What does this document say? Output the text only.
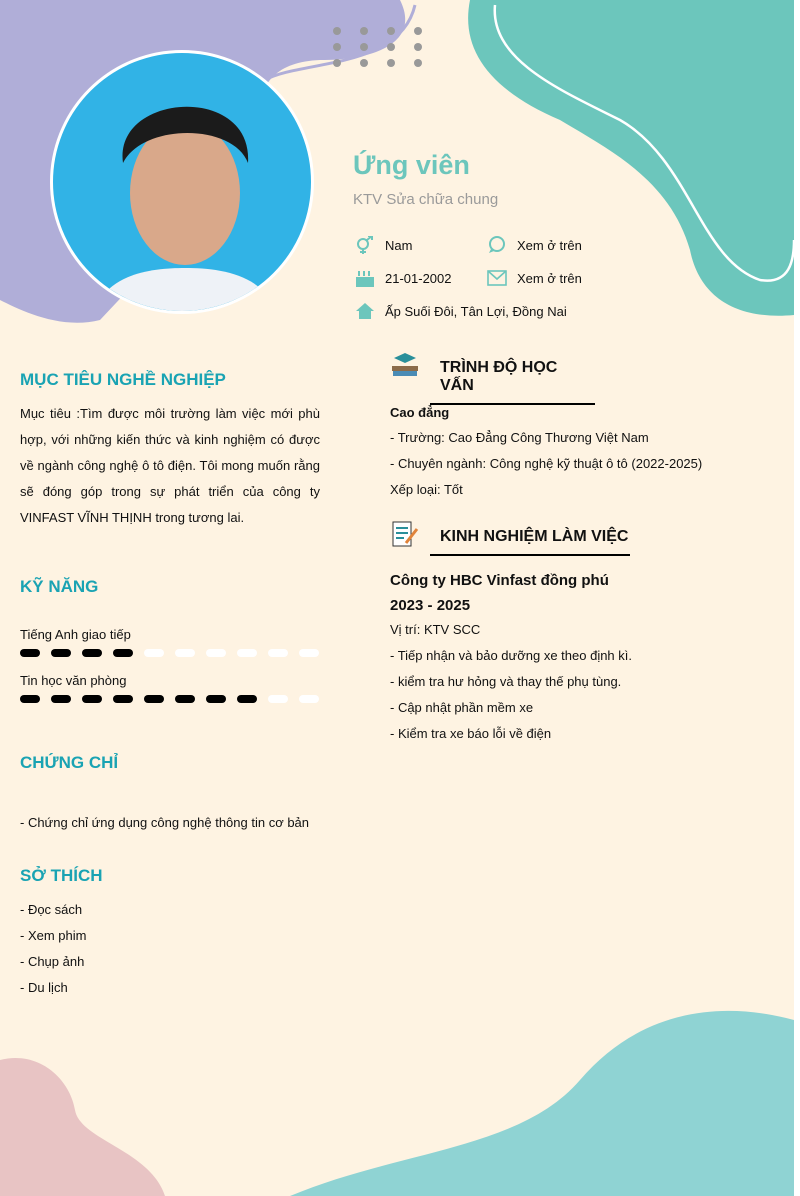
Ứng viên
KTV Sửa chữa chung
Nam	Xem ở trên
21-01-2002	Xem ở trên
Ấp Suối Đôi, Tân Lợi, Đồng Nai
MỤC TIÊU NGHỀ NGHIỆP
Mục tiêu :Tìm được môi trường làm việc mới phù hợp, với những kiến thức và kinh nghiệm có được về ngành công nghệ ô tô điện. Tôi mong muốn rằng sẽ đóng góp trong sự phát triển của công ty VINFAST VĨNH THỊNH trong tương lai.
KỸ NĂNG
Tiếng Anh giao tiếp
Tin học văn phòng
CHỨNG CHỈ
- Chứng chỉ ứng dụng công nghệ thông tin cơ bản
SỞ THÍCH
- Đọc sách
- Xem phim
- Chụp ảnh
- Du lịch
TRÌNH ĐỘ HỌC VẤN
Cao đẳng
- Trường: Cao Đẳng Công Thương Việt Nam
- Chuyên ngành: Công nghệ kỹ thuật ô tô (2022-2025)
Xếp loại: Tốt
KINH NGHIỆM LÀM VIỆC
Công ty HBC Vinfast đồng phú
2023 - 2025
Vị trí: KTV SCC
- Tiếp nhận và bảo dưỡng xe theo định kì.
- kiểm tra hư hỏng và thay thế phụ tùng.
- Cập nhật phần mềm xe
- Kiểm tra xe báo lỗi về điện
